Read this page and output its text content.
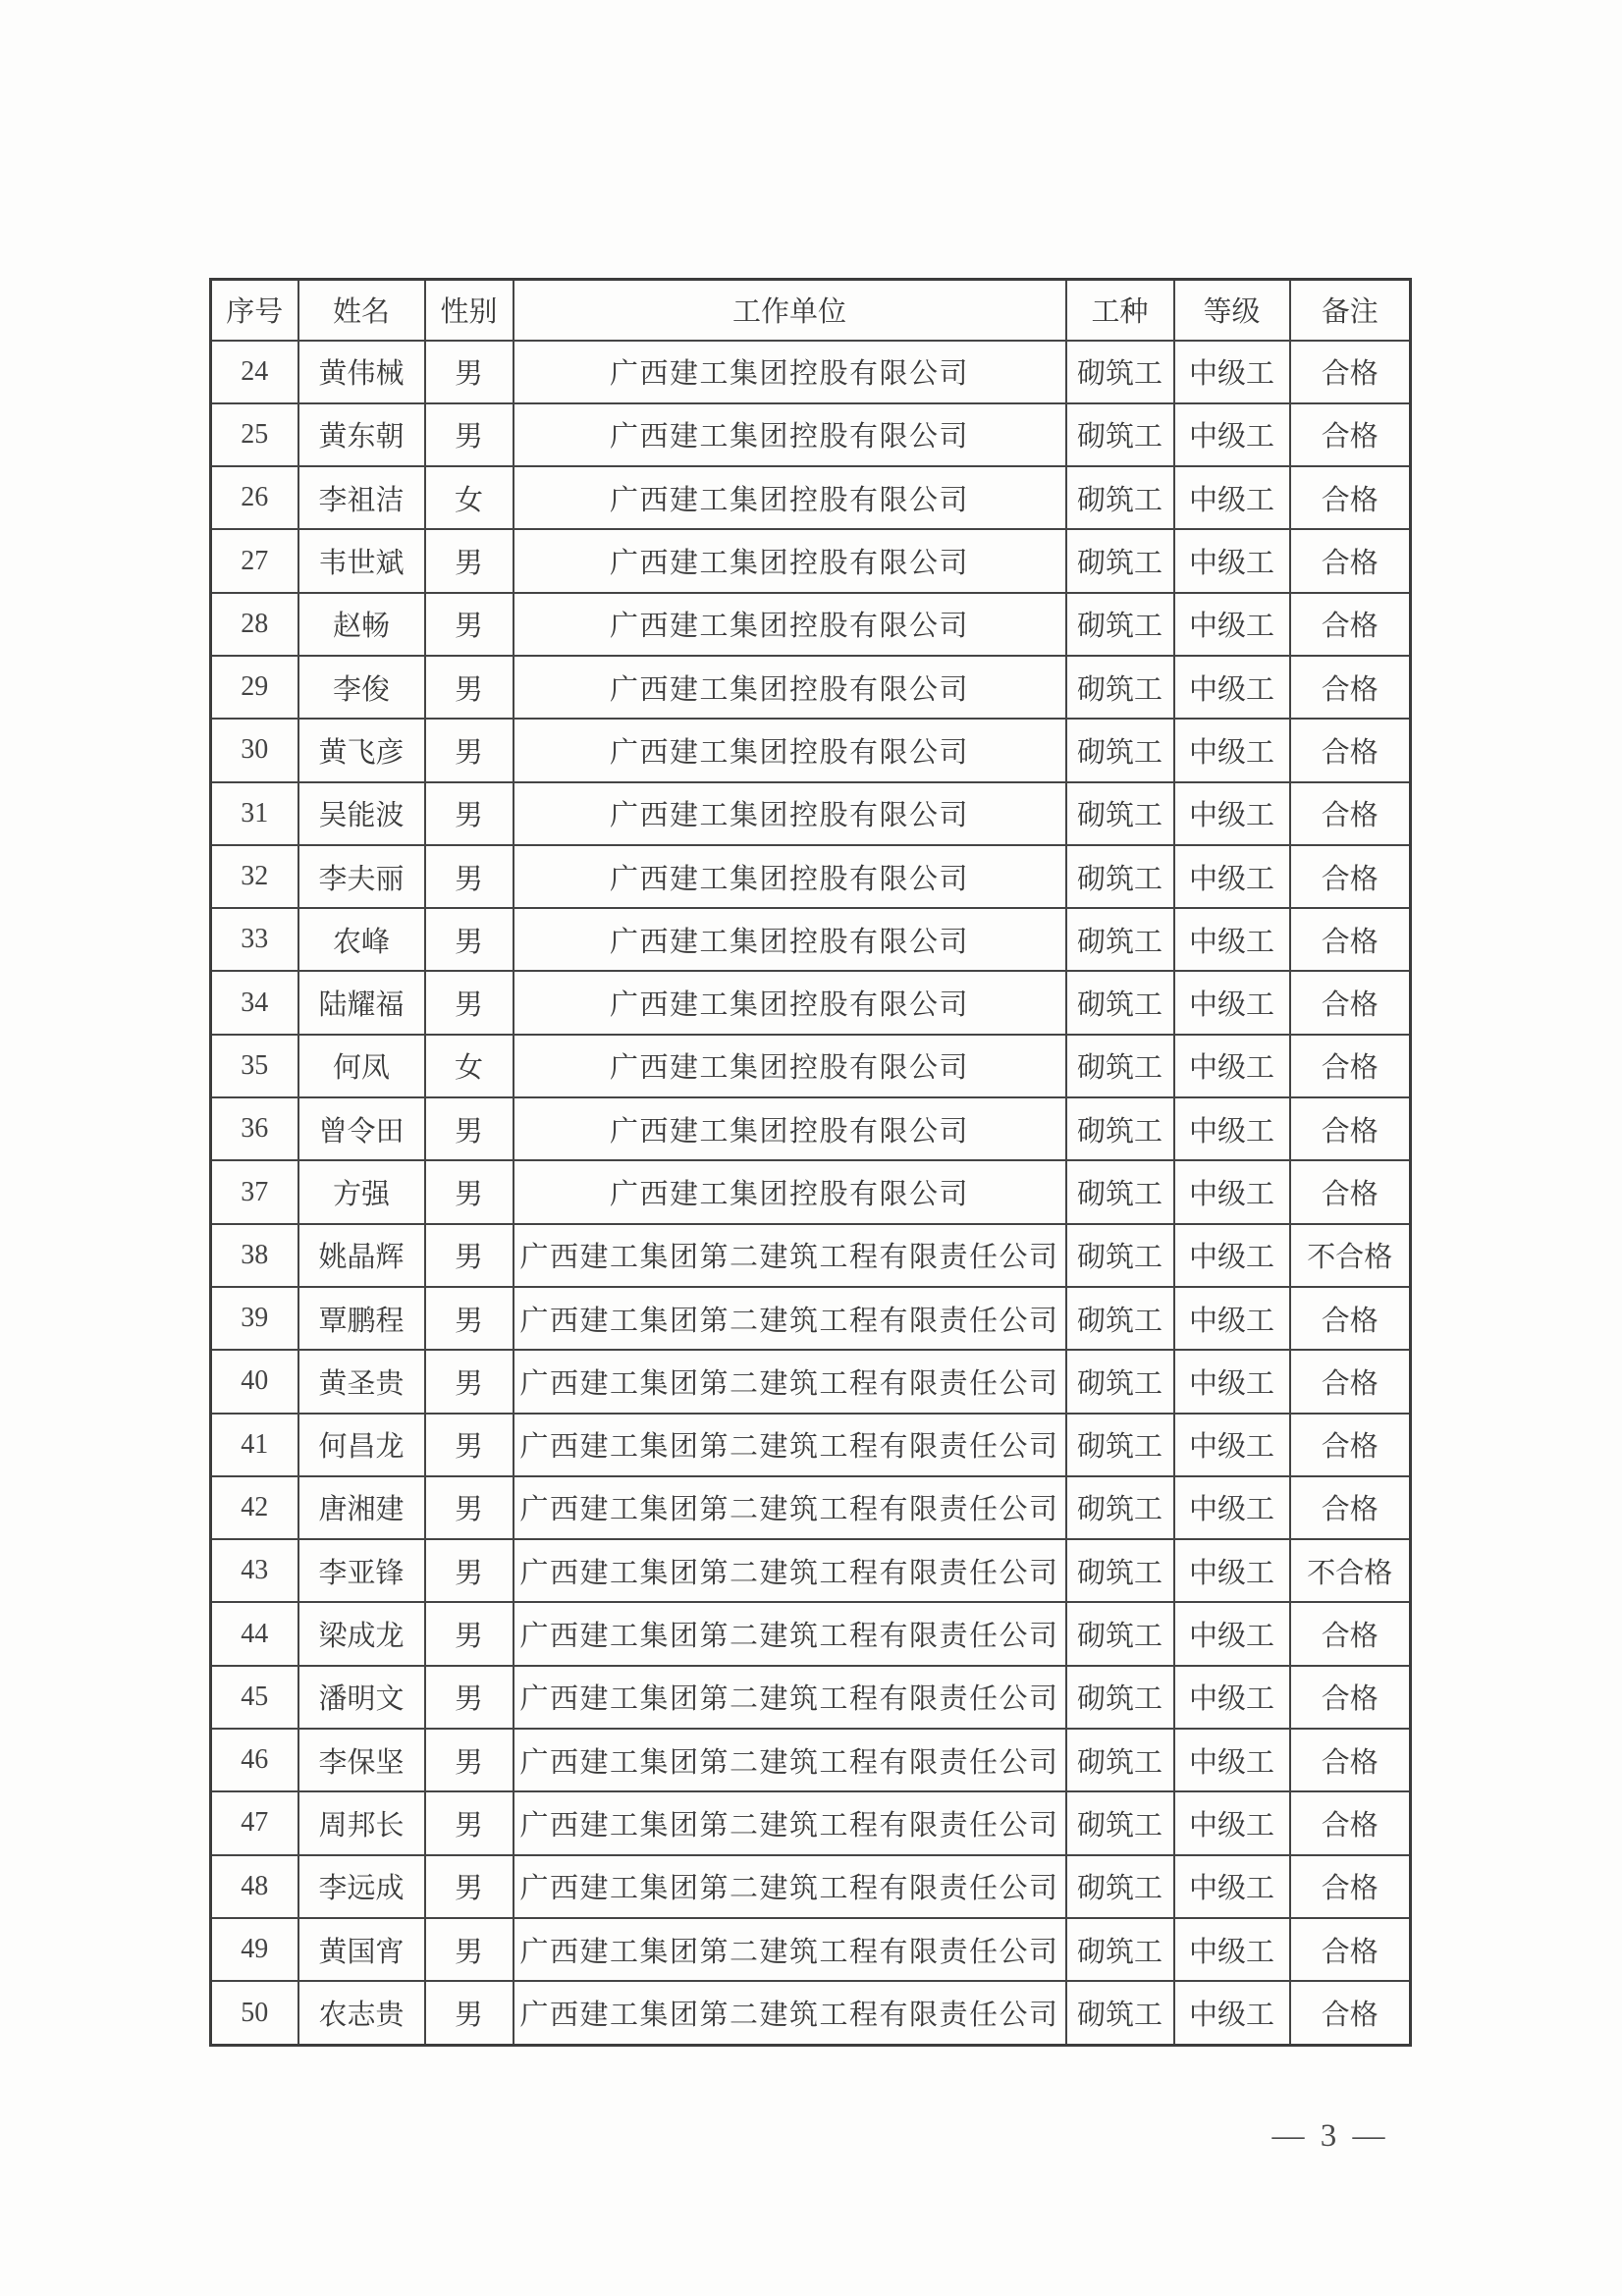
序号	姓名	性别	工作单位	工种	等级	备注
24	黄伟械	男	广西建工集团控股有限公司	砌筑工	中级工	合格
25	黄东朝	男	广西建工集团控股有限公司	砌筑工	中级工	合格
26	李祖洁	女	广西建工集团控股有限公司	砌筑工	中级工	合格
27	韦世斌	男	广西建工集团控股有限公司	砌筑工	中级工	合格
28	赵畅	男	广西建工集团控股有限公司	砌筑工	中级工	合格
29	李俊	男	广西建工集团控股有限公司	砌筑工	中级工	合格
30	黄飞彦	男	广西建工集团控股有限公司	砌筑工	中级工	合格
31	吴能波	男	广西建工集团控股有限公司	砌筑工	中级工	合格
32	李夫丽	男	广西建工集团控股有限公司	砌筑工	中级工	合格
33	农峰	男	广西建工集团控股有限公司	砌筑工	中级工	合格
34	陆耀福	男	广西建工集团控股有限公司	砌筑工	中级工	合格
35	何凤	女	广西建工集团控股有限公司	砌筑工	中级工	合格
36	曾令田	男	广西建工集团控股有限公司	砌筑工	中级工	合格
37	方强	男	广西建工集团控股有限公司	砌筑工	中级工	合格
38	姚晶辉	男	广西建工集团第二建筑工程有限责任公司	砌筑工	中级工	不合格
39	覃鹏程	男	广西建工集团第二建筑工程有限责任公司	砌筑工	中级工	合格
40	黄圣贵	男	广西建工集团第二建筑工程有限责任公司	砌筑工	中级工	合格
41	何昌龙	男	广西建工集团第二建筑工程有限责任公司	砌筑工	中级工	合格
42	唐湘建	男	广西建工集团第二建筑工程有限责任公司	砌筑工	中级工	合格
43	李亚锋	男	广西建工集团第二建筑工程有限责任公司	砌筑工	中级工	不合格
44	梁成龙	男	广西建工集团第二建筑工程有限责任公司	砌筑工	中级工	合格
45	潘明文	男	广西建工集团第二建筑工程有限责任公司	砌筑工	中级工	合格
46	李保坚	男	广西建工集团第二建筑工程有限责任公司	砌筑工	中级工	合格
47	周邦长	男	广西建工集团第二建筑工程有限责任公司	砌筑工	中级工	合格
48	李远成	男	广西建工集团第二建筑工程有限责任公司	砌筑工	中级工	合格
49	黄国宵	男	广西建工集团第二建筑工程有限责任公司	砌筑工	中级工	合格
50	农志贵	男	广西建工集团第二建筑工程有限责任公司	砌筑工	中级工	合格
— 3 —
